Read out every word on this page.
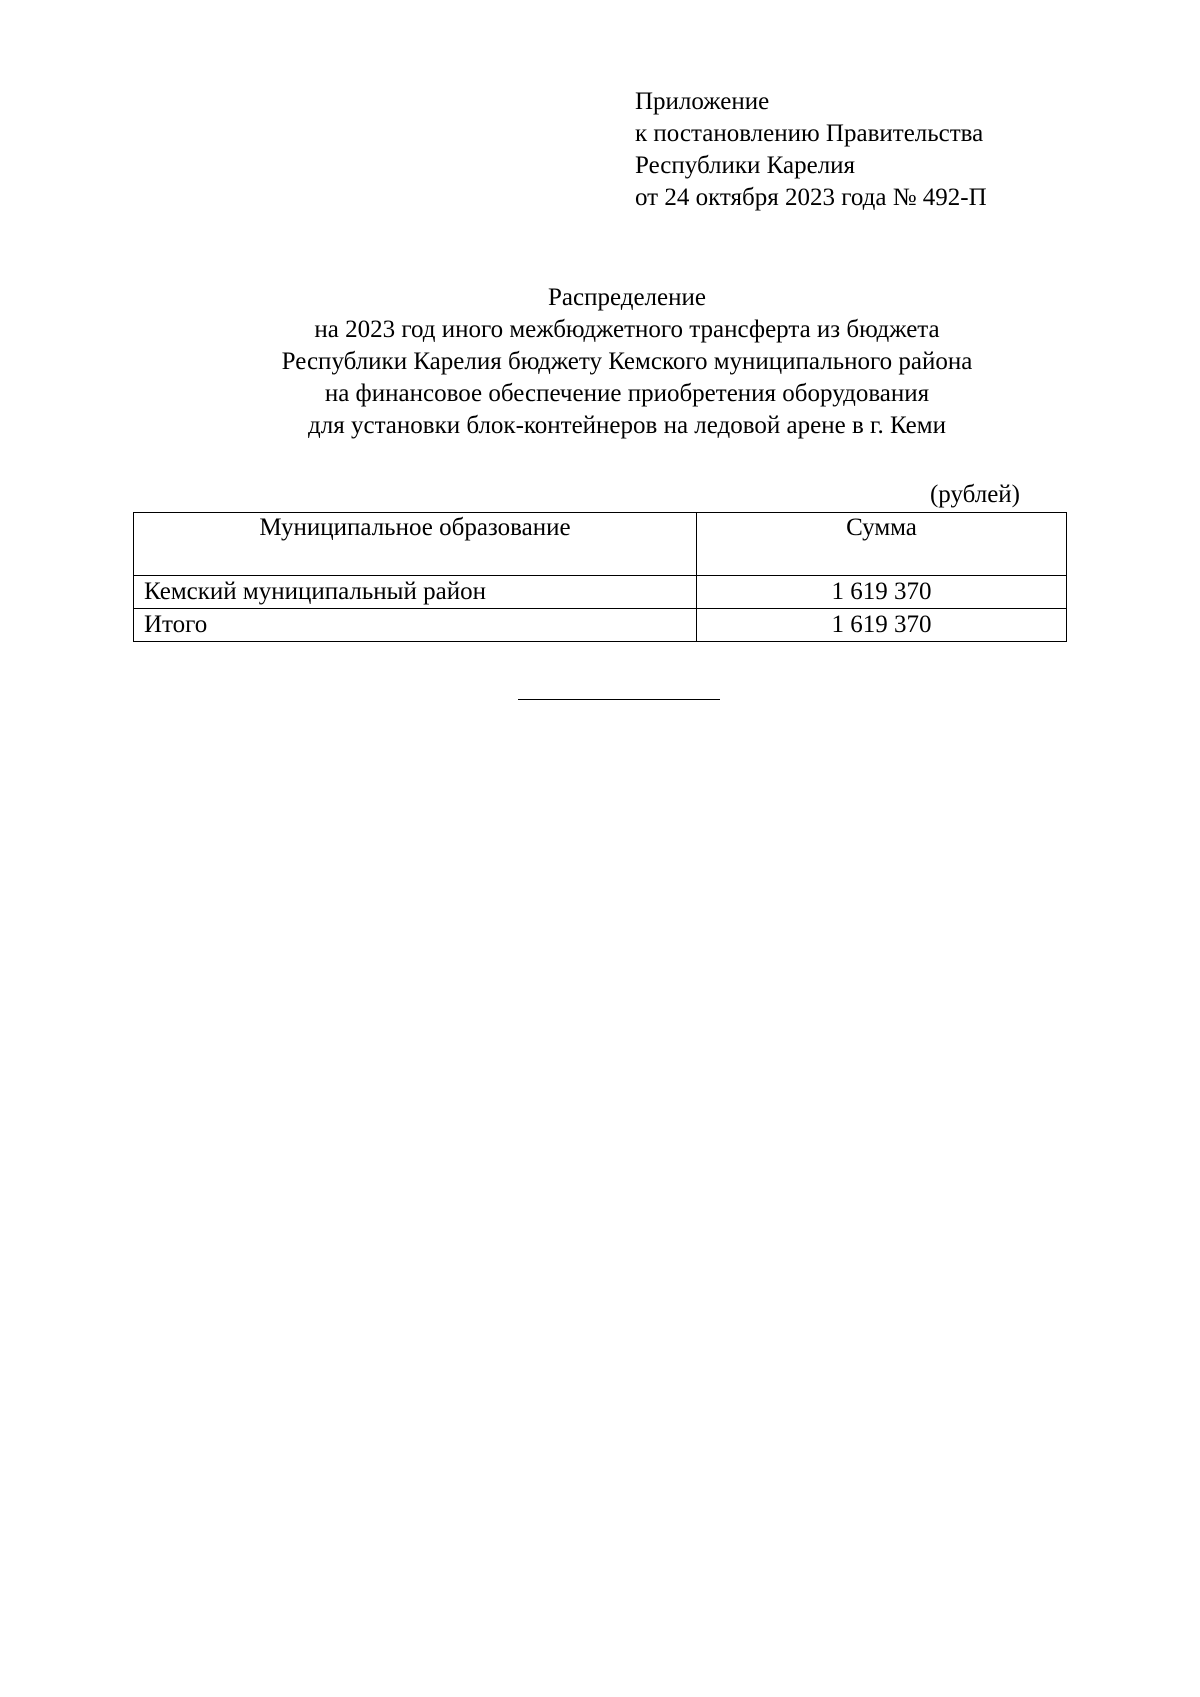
Приложение
к постановлению Правительства
Республики Карелия
от 24 октября 2023 года № 492-П
Распределение
на 2023 год иного межбюджетного трансферта из бюджета
Республики Карелия бюджету Кемского муниципального района
на финансовое обеспечение приобретения оборудования
для установки блок-контейнеров на ледовой арене в г. Кеми
(рублей)
Муниципальное образование	Сумма
Кемский муниципальный район	1 619 370
Итого	1 619 370
